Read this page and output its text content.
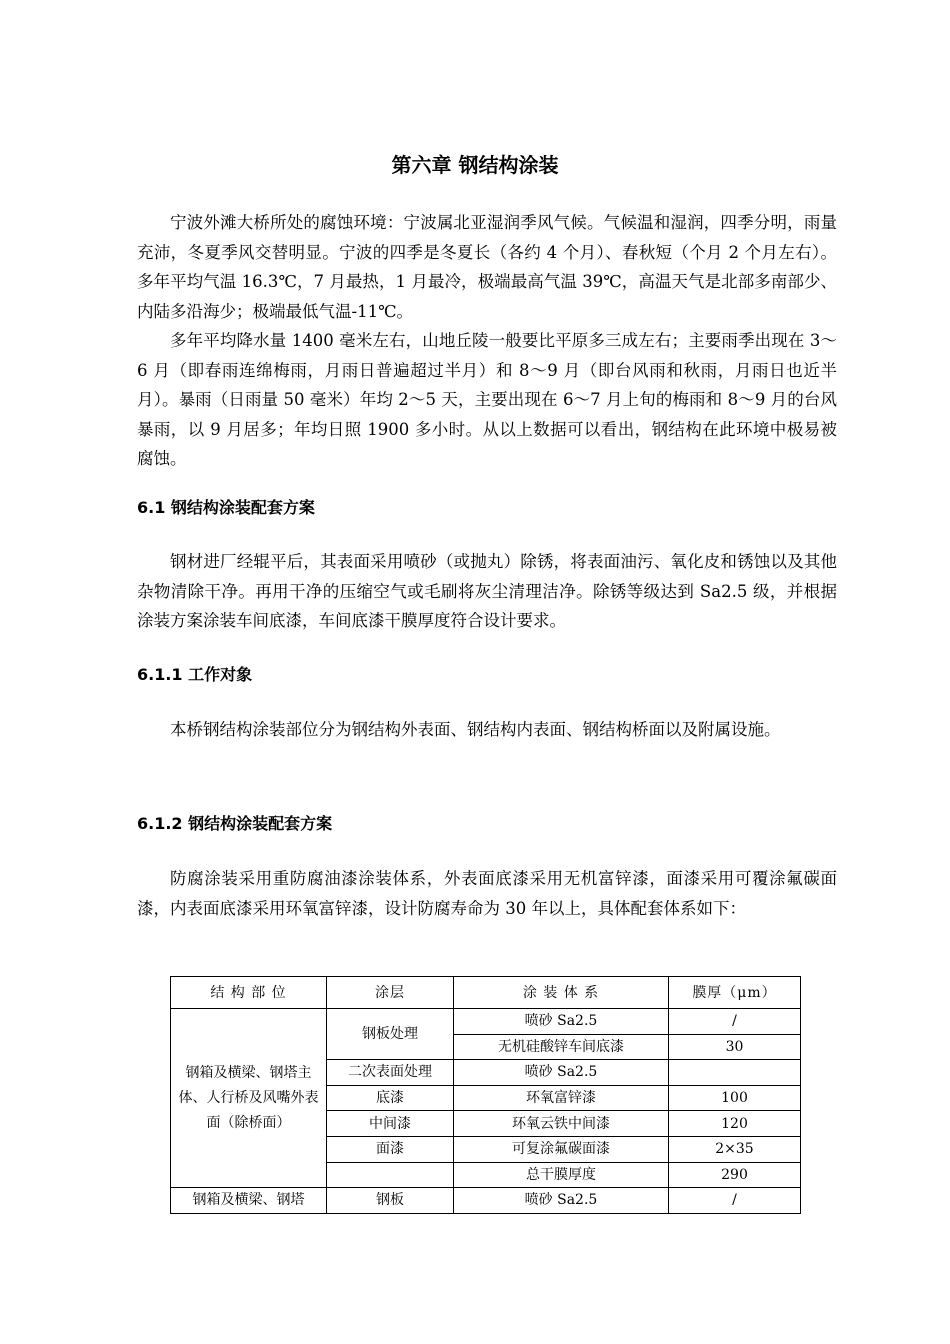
第六章 钢结构涂装

宁波外滩大桥所处的腐蚀环境：宁波属北亚湿润季风气候。气候温和湿润，四季分明，雨量充沛，冬夏季风交替明显。宁波的四季是冬夏长（各约 4 个月）、春秋短（个月 2 个月左右）。多年平均气温 16.3℃，7 月最热，1 月最冷，极端最高气温 39℃，高温天气是北部多南部少、内陆多沿海少；极端最低气温-11℃。

多年平均降水量 1400 毫米左右，山地丘陵一般要比平原多三成左右；主要雨季出现在 3～6 月（即春雨连绵梅雨，月雨日普遍超过半月）和 8～9 月（即台风雨和秋雨，月雨日也近半月）。暴雨（日雨量 50 毫米）年均 2～5 天，主要出现在 6～7 月上旬的梅雨和 8～9 月的台风暴雨，以 9 月居多；年均日照 1900 多小时。从以上数据可以看出，钢结构在此环境中极易被腐蚀。

6.1 钢结构涂装配套方案

钢材进厂经辊平后，其表面采用喷砂（或抛丸）除锈，将表面油污、氧化皮和锈蚀以及其他杂物清除干净。再用干净的压缩空气或毛刷将灰尘清理洁净。除锈等级达到 Sa2.5 级，并根据涂装方案涂装车间底漆，车间底漆干膜厚度符合设计要求。

6.1.1 工作对象

本桥钢结构涂装部位分为钢结构外表面、钢结构内表面、钢结构桥面以及附属设施。

6.1.2 钢结构涂装配套方案

防腐涂装采用重防腐油漆涂装体系，外表面底漆采用无机富锌漆，面漆采用可覆涂氟碳面漆，内表面底漆采用环氧富锌漆，设计防腐寿命为 30 年以上，具体配套体系如下：

结 构 部 位	涂层	涂 装 体 系	膜厚（μm）
钢箱及横梁、钢塔主体、人行桥及风嘴外表面（除桥面）	钢板处理	喷砂 Sa2.5	/
		无机硅酸锌车间底漆	30
	二次表面处理	喷砂 Sa2.5	
	底漆	环氧富锌漆	100
	中间漆	环氧云铁中间漆	120
	面漆	可复涂氟碳面漆	2×35
		总干膜厚度	290
钢箱及横梁、钢塔	钢板	喷砂 Sa2.5	/
